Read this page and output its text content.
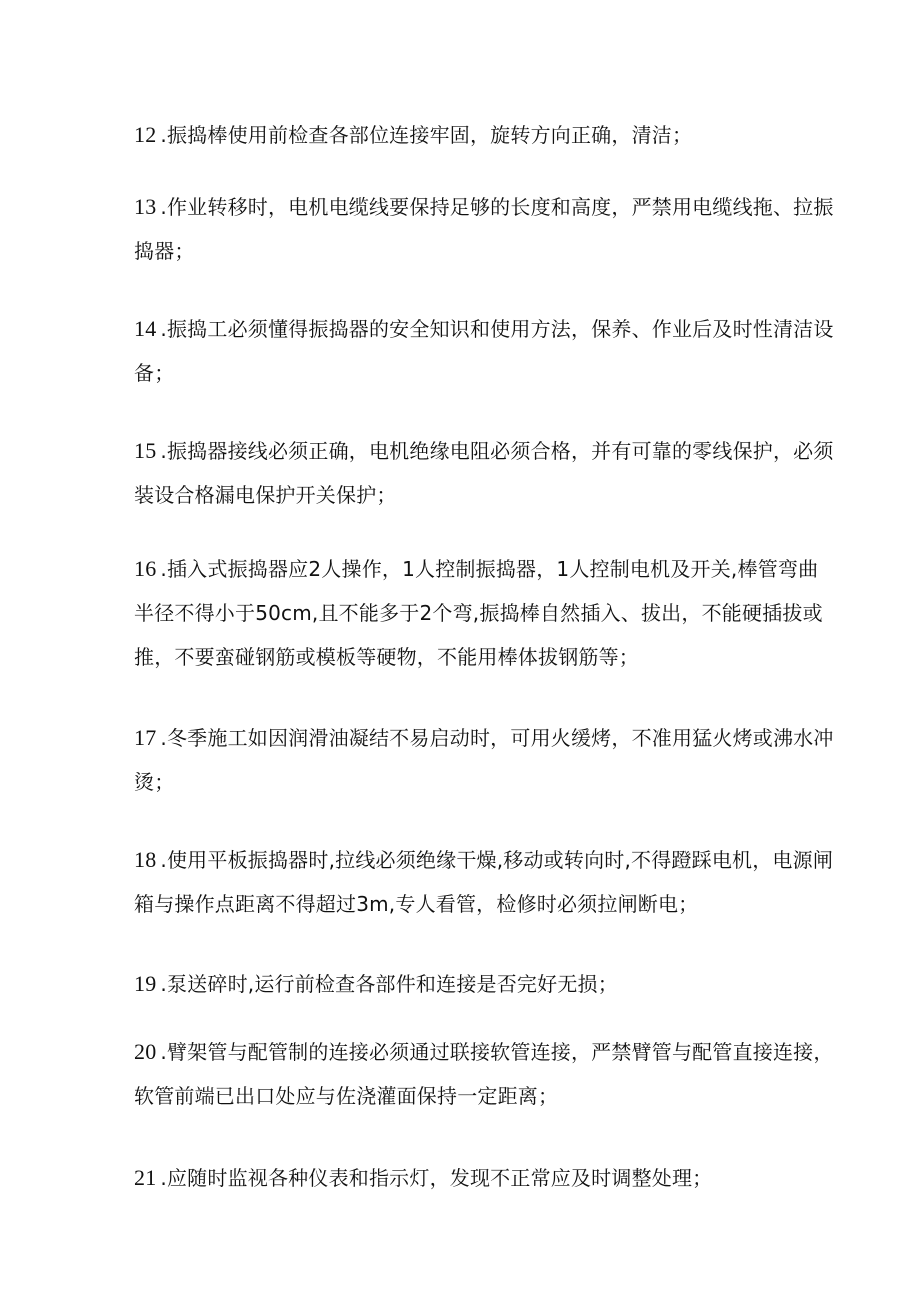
12 .振捣棒使用前检查各部位连接牢固，旋转方向正确，清洁；
13 .作业转移时，电机电缆线要保持足够的长度和高度，严禁用电缆线拖、拉振捣器；
14 .振捣工必须懂得振捣器的安全知识和使用方法，保养、作业后及时性清洁设备；
15 .振捣器接线必须正确，电机绝缘电阻必须合格，并有可靠的零线保护，必须装设合格漏电保护开关保护；
16 .插入式振捣器应2人操作，1人控制振捣器，1人控制电机及开关,棒管弯曲半径不得小于50cm,且不能多于2个弯,振捣棒自然插入、拔出，不能硬插拔或推，不要蛮碰钢筋或模板等硬物，不能用棒体拔钢筋等；
17 .冬季施工如因润滑油凝结不易启动时，可用火缓烤，不准用猛火烤或沸水冲烫；
18 .使用平板振捣器时,拉线必须绝缘干燥,移动或转向时,不得蹬踩电机，电源闸箱与操作点距离不得超过3m,专人看管，检修时必须拉闸断电；
19 .泵送碎时,运行前检查各部件和连接是否完好无损；
20 .臂架管与配管制的连接必须通过联接软管连接，严禁臂管与配管直接连接，软管前端已出口处应与佐浇灌面保持一定距离；
21 .应随时监视各种仪表和指示灯，发现不正常应及时调整处理；
